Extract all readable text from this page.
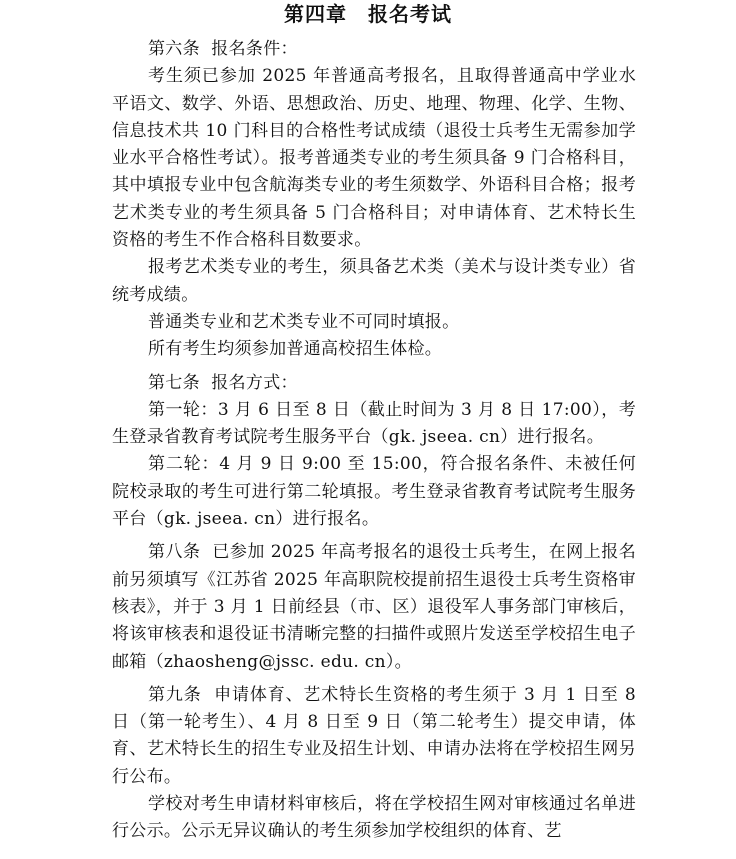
第四章　报名考试

第六条  报名条件：

考生须已参加 2025 年普通高考报名，且取得普通高中学业水平语文、数学、外语、思想政治、历史、地理、物理、化学、生物、信息技术共 10 门科目的合格性考试成绩（退役士兵考生无需参加学业水平合格性考试）。报考普通类专业的考生须具备 9 门合格科目，其中填报专业中包含航海类专业的考生须数学、外语科目合格；报考艺术类专业的考生须具备 5 门合格科目；对申请体育、艺术特长生资格的考生不作合格科目数要求。

报考艺术类专业的考生，须具备艺术类（美术与设计类专业）省统考成绩。

普通类专业和艺术类专业不可同时填报。

所有考生均须参加普通高校招生体检。

第七条  报名方式：

第一轮：3 月 6 日至 8 日（截止时间为 3 月 8 日 17:00），考生登录省教育考试院考生服务平台（gk. jseea. cn）进行报名。

第二轮：4 月 9 日 9:00 至 15:00，符合报名条件、未被任何院校录取的考生可进行第二轮填报。考生登录省教育考试院考生服务平台（gk. jseea. cn）进行报名。

第八条  已参加 2025 年高考报名的退役士兵考生，在网上报名前另须填写《江苏省 2025 年高职院校提前招生退役士兵考生资格审核表》，并于 3 月 1 日前经县（市、区）退役军人事务部门审核后，将该审核表和退役证书清晰完整的扫描件或照片发送至学校招生电子邮箱（zhaosheng@jssc. edu. cn）。

第九条  申请体育、艺术特长生资格的考生须于 3 月 1 日至 8 日（第一轮考生）、4 月 8 日至 9 日（第二轮考生）提交申请，体育、艺术特长生的招生专业及招生计划、申请办法将在学校招生网另行公布。

学校对考生申请材料审核后，将在学校招生网对审核通过名单进行公示。公示无异议确认的考生须参加学校组织的体育、艺
